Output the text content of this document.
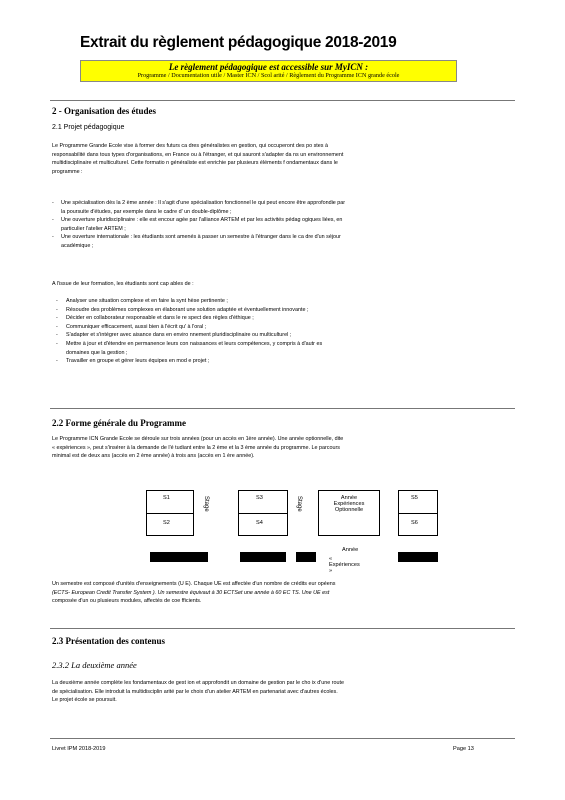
Extrait du règlement pédagogique 2018-2019
Le règlement pédagogique est accessible sur MyICN :
Programme / Documentation utile / Master ICN / Scol arité / Règlement du Programme ICN grande école
2 - Organisation des études
2.1 Projet pédagogique
Le Programme Grande Ecole vise à former des futurs ca dres généralistes en gestion, qui occuperont des po stes à
responsabilité dans tous types d'organisations, en France ou à l'étranger, et qui sauront s'adapter da ns un environnement
multidisciplinaire et multiculturel. Cette formatio n généraliste est enrichie par plusieurs éléments f ondamentaux dans le
programme :
- Une spécialisation dès la 2 ème année : Il s'agit d'une spécialisation fonctionnel le qui peut encore être approfondie par
la poursuite d'études, par exemple dans le cadre d' un double-diplôme ;
- Une ouverture pluridisciplinaire : elle est encour agée par l'alliance ARTEM et par les activités pédag ogiques liées, en
particulier l'atelier ARTEM ;
- Une ouverture internationale : les étudiants sont amenés à passer un semestre à l'étranger dans le ca dre d'un séjour
académique ;
A l'issue de leur formation, les étudiants sont cap ables de :
- Analyser une situation complexe et en faire la synt hèse pertinente ;
- Résoudre des problèmes complexes en élaborant une solution adaptée et éventuellement innovante ;
- Décider en collaborateur responsable et dans le re spect des règles d'éthique ;
- Communiquer efficacement, aussi bien à l'écrit qu' à l'oral ;
- S'adapter et s'intégrer avec aisance dans en enviro nnement pluridisciplinaire ou multiculturel ;
- Mettre à jour et d'étendre en permanence leurs con naissances et leurs compétences, y compris à d'autr es
domaines que la gestion ;
- Travailler en groupe et gérer leurs équipes en mod e projet ;
2.2 Forme générale du Programme
Le Programme ICN Grande Ecole se déroule sur trois années (pour un accès en 1ère année). Une année optionnelle, dite
« expériences », peut s'insérer à la demande de l'é tudiant entre la 2 ème et la 3 ème année du programme. Le parcours
minimal est de deux ans (accès en 2 ème année) à trois ans (accès en 1 ère année).
S1
S2
Stage	S3
S4
Stage	Année
Expériences
Optionnelle
S5
S6
Année
« Expériences »
Un semestre est composé d'unités d'enseignements (U E). Chaque UE est affectée d'un nombre de crédits eur opéens
(ECTS- European Credit Transfer System ). Un semestre équivaut à 30 ECTSet une année à 60 EC TS. Une UE est
composée d'un ou plusieurs modules, affectés de coe fficients.
2.3 Présentation des contenus
2.3.2 La deuxième année
La deuxième année complète les fondamentaux de gest ion et approfondit un domaine de gestion par le cho ix d'une route
de spécialisation. Elle introduit la multidisciplin arité par le choix d'un atelier ARTEM en partenariat avec d'autres écoles.
Le projet école se poursuit.
Livret IPM 2018-2019	Page 13
